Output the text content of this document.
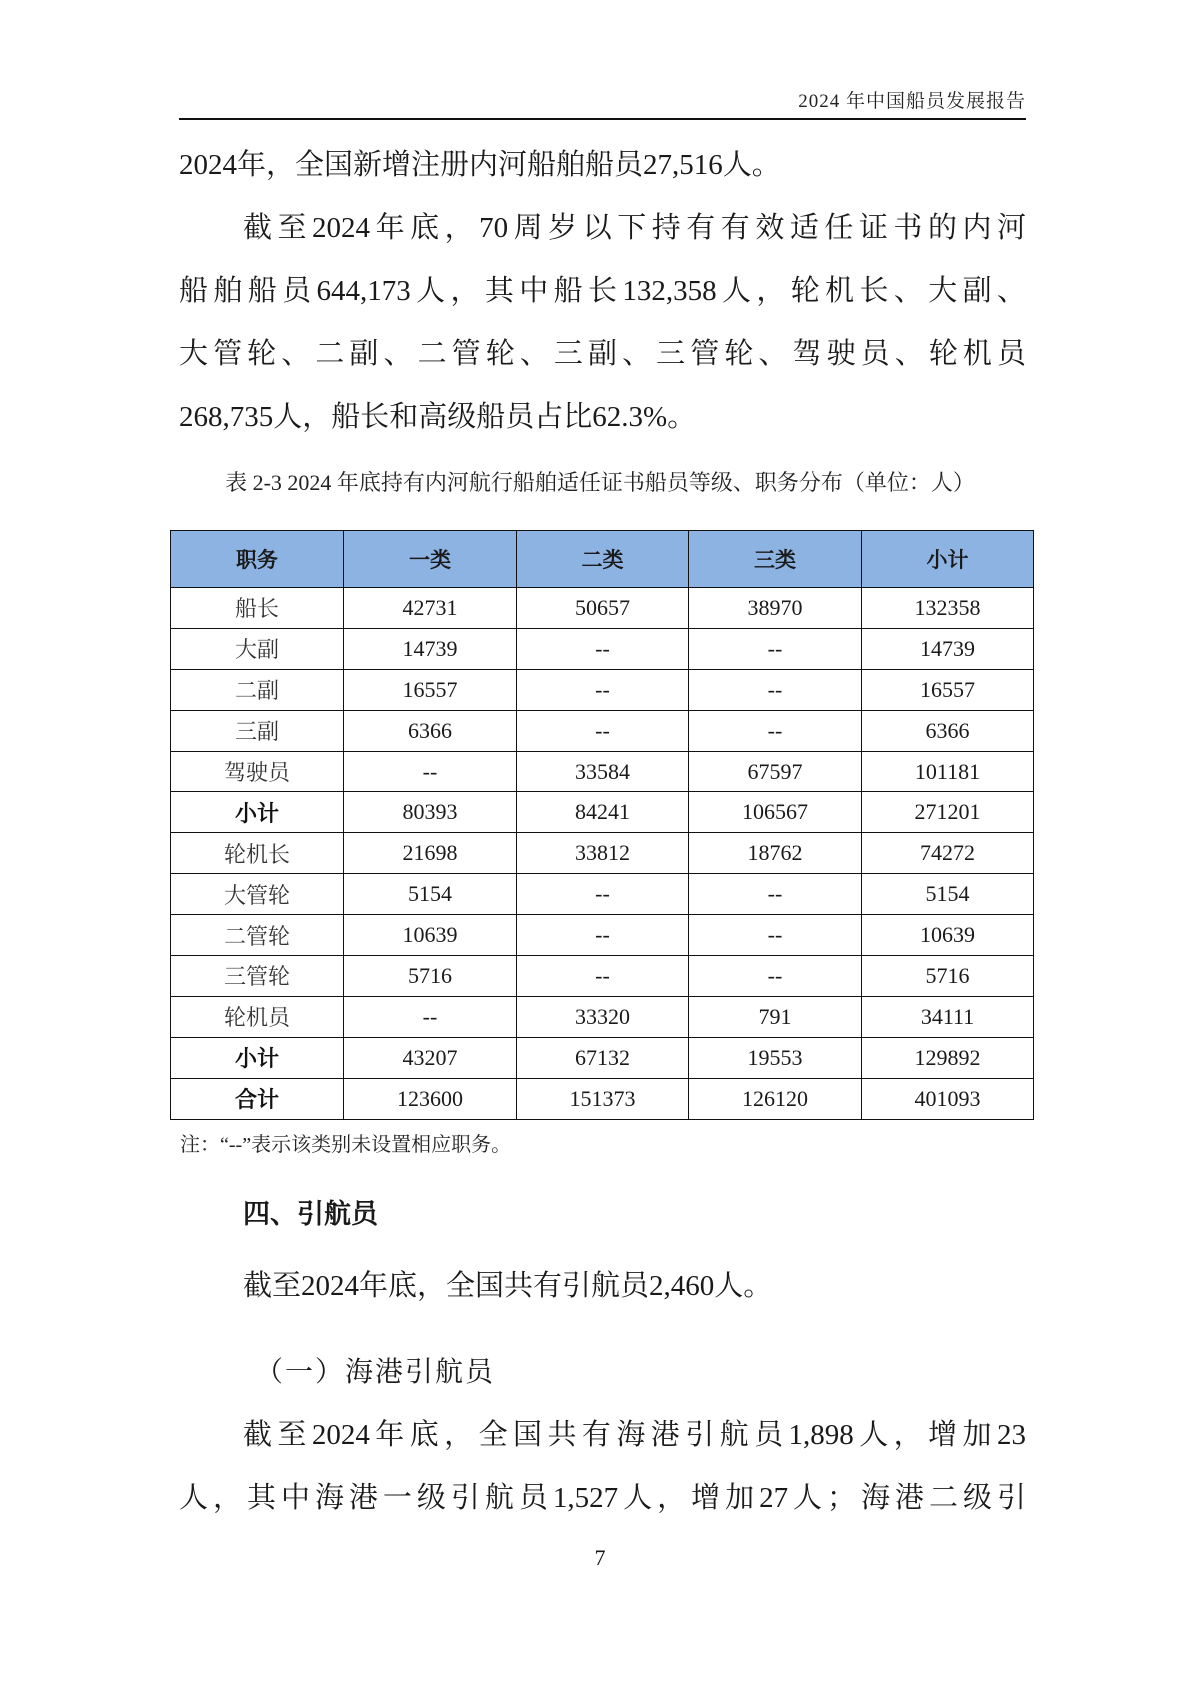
2024 年中国船员发展报告
2024年，全国新增注册内河船舶船员27,516人。
截至2024年底，70周岁以下持有有效适任证书的内河
船舶船员644,173人，其中船长132,358人，轮机长、大副、
大管轮、二副、二管轮、三副、三管轮、驾驶员、轮机员
268,735人，船长和高级船员占比62.3%。
表 2-3 2024 年底持有内河航行船舶适任证书船员等级、职务分布（单位：人）
职务	一类	二类	三类	小计
船长	42731	50657	38970	132358
大副	14739	--	--	14739
二副	16557	--	--	16557
三副	6366	--	--	6366
驾驶员	--	33584	67597	101181
小计	80393	84241	106567	271201
轮机长	21698	33812	18762	74272
大管轮	5154	--	--	5154
二管轮	10639	--	--	10639
三管轮	5716	--	--	5716
轮机员	--	33320	791	34111
小计	43207	67132	19553	129892
合计	123600	151373	126120	401093
注：“--”表示该类别未设置相应职务。
四、引航员
截至2024年底，全国共有引航员2,460人。
（一）海港引航员
截至2024年底，全国共有海港引航员1,898人，增加23
人，其中海港一级引航员1,527人，增加27人；海港二级引
7
